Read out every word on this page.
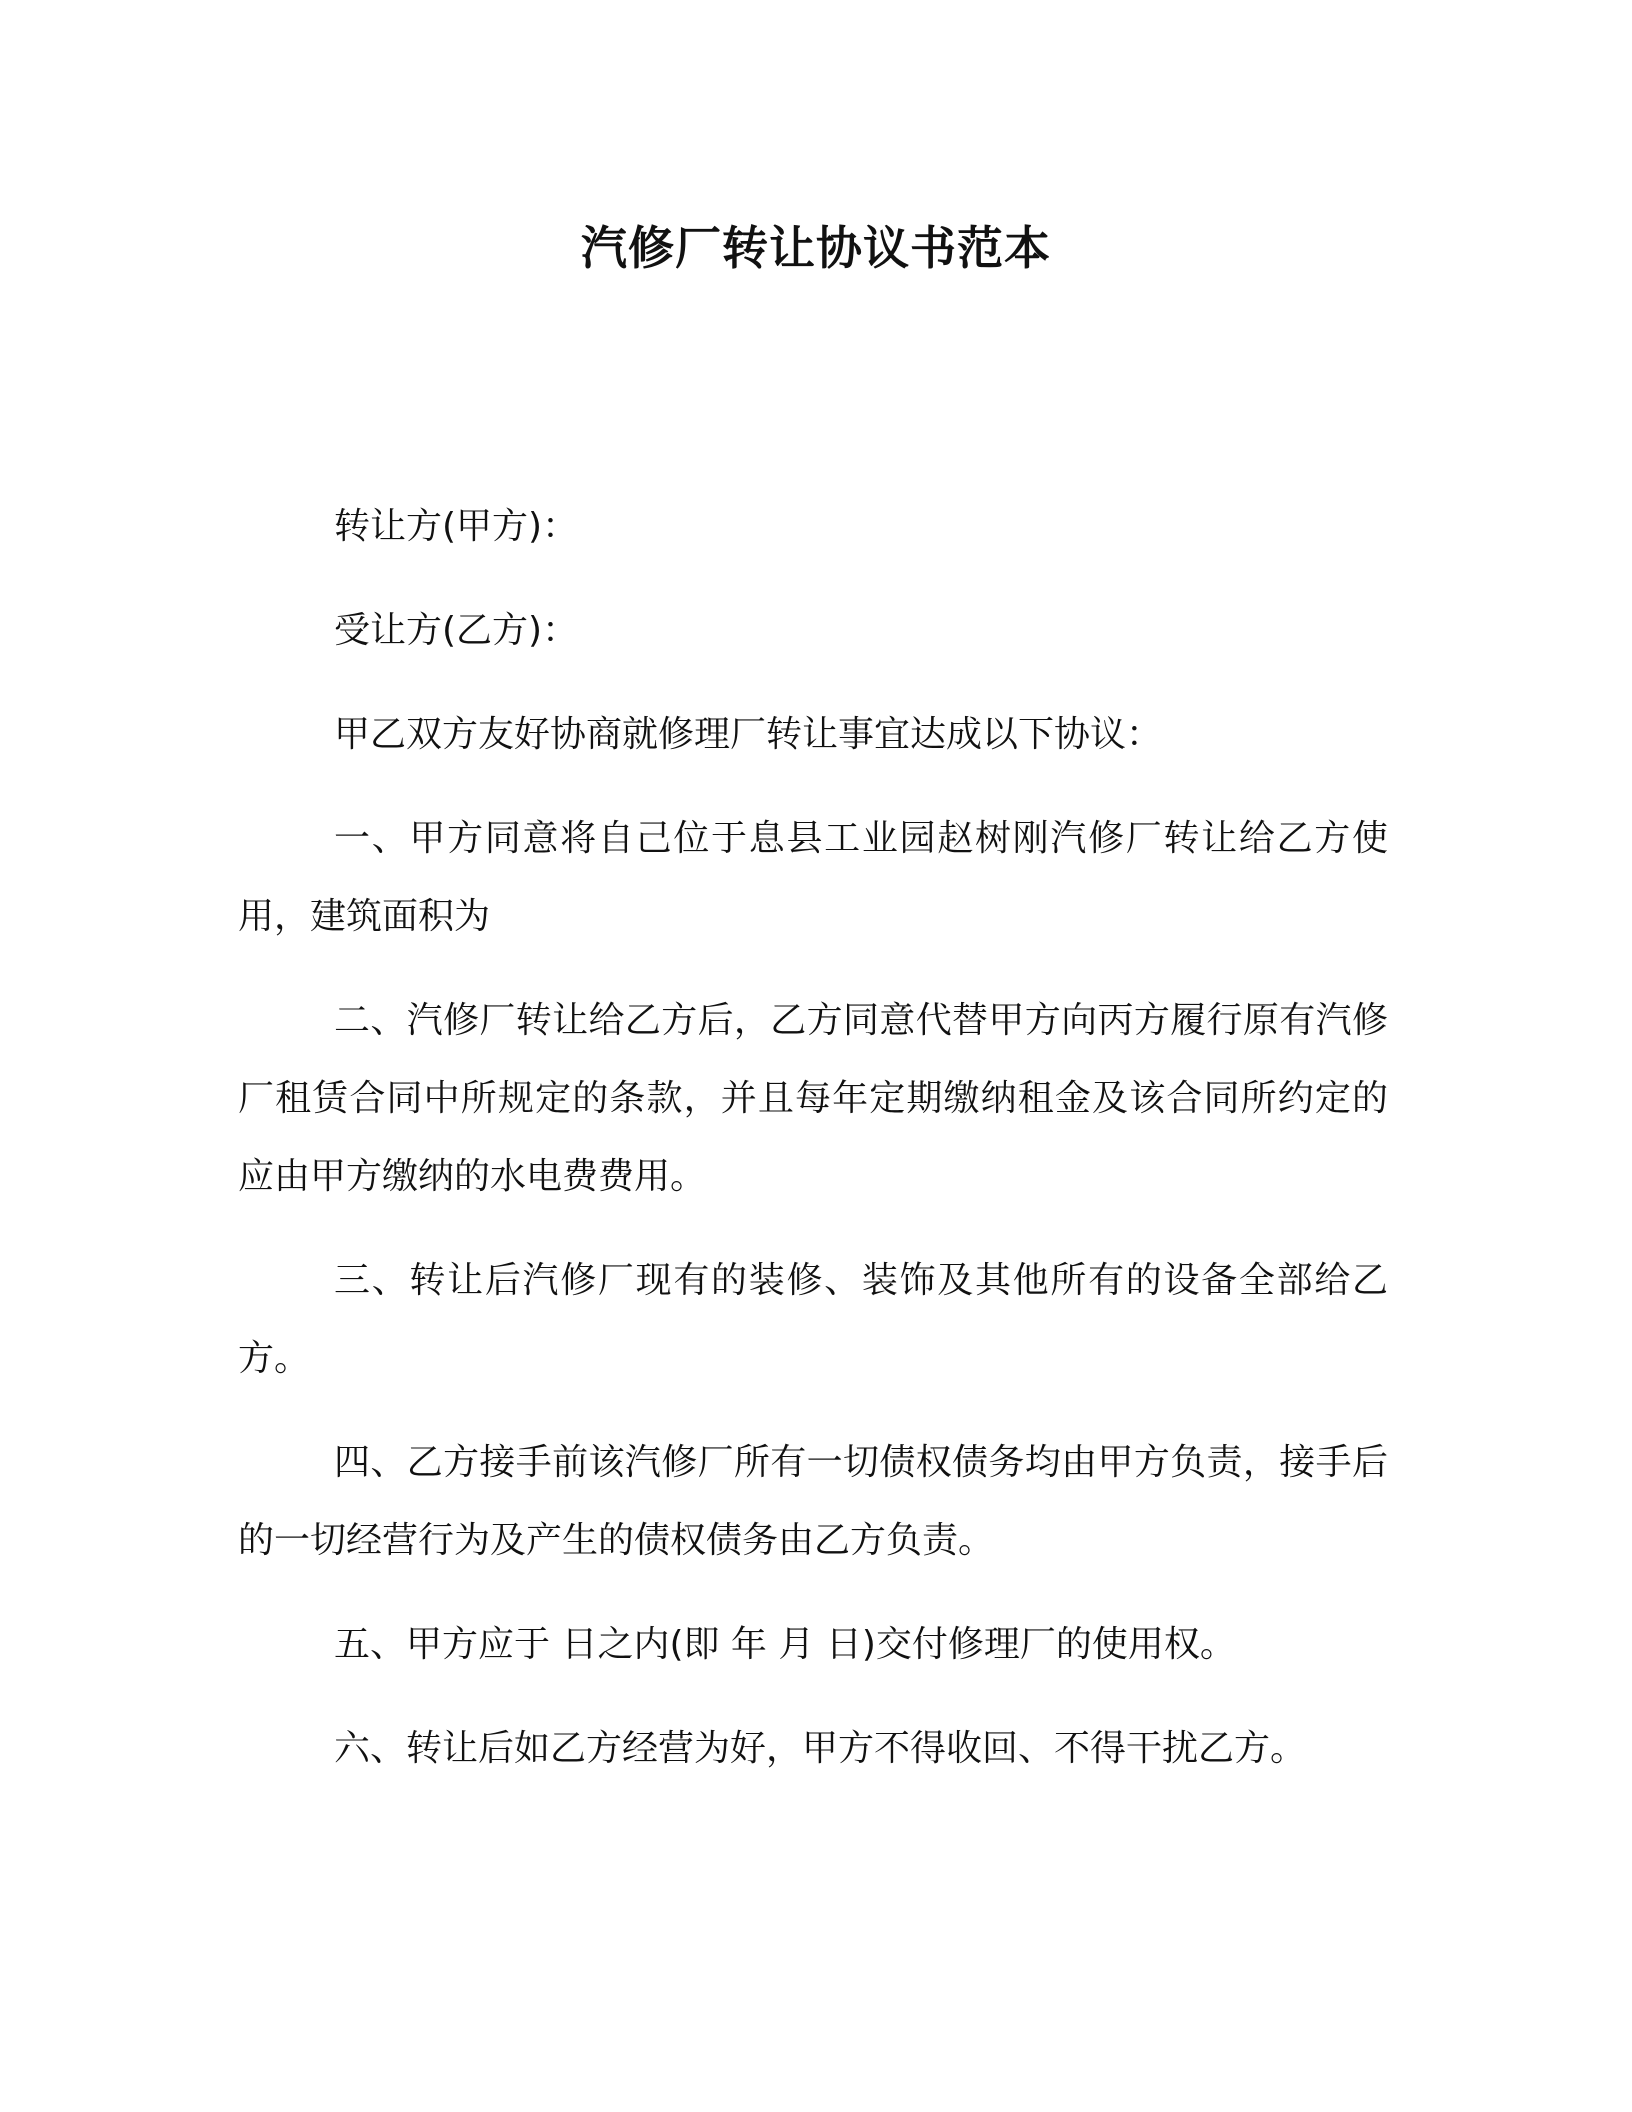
汽修厂转让协议书范本

转让方(甲方)：

受让方(乙方)：

甲乙双方友好协商就修理厂转让事宜达成以下协议：

一、甲方同意将自己位于息县工业园赵树刚汽修厂转让给乙方使用，建筑面积为

二、汽修厂转让给乙方后，乙方同意代替甲方向丙方履行原有汽修厂租赁合同中所规定的条款，并且每年定期缴纳租金及该合同所约定的应由甲方缴纳的水电费费用。

三、转让后汽修厂现有的装修、装饰及其他所有的设备全部给乙方。

四、乙方接手前该汽修厂所有一切债权债务均由甲方负责，接手后的一切经营行为及产生的债权债务由乙方负责。

五、甲方应于 日之内(即 年 月 日)交付修理厂的使用权。

六、转让后如乙方经营为好，甲方不得收回、不得干扰乙方。
